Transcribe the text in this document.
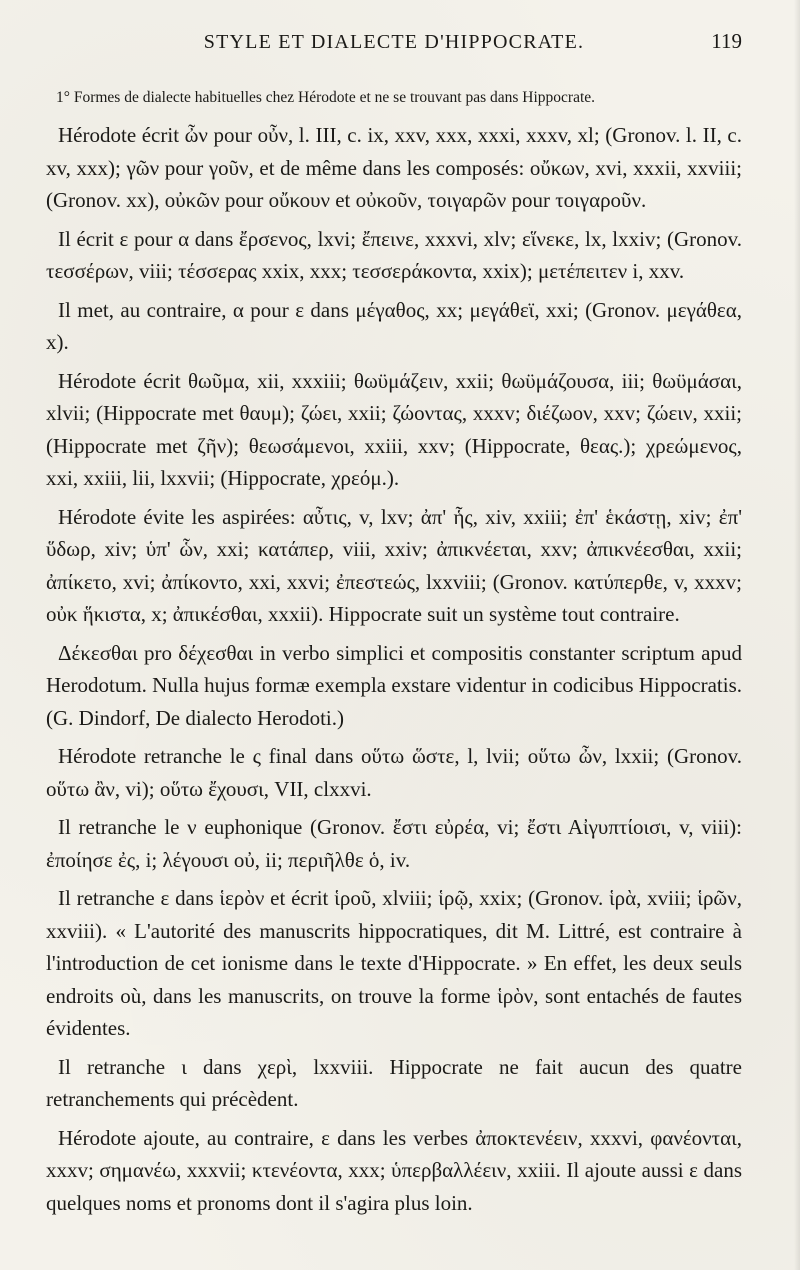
STYLE ET DIALECTE D'HIPPOCRATE.	119
1° Formes de dialecte habituelles chez Hérodote et ne se trouvant pas dans Hippocrate.

Hérodote écrit ὦν pour οὖν, l. III, c. ix, xxv, xxx, xxxi, xxxv, xl; (Gronov. l. II, c. xv, xxx); γῶν pour γοῦν, et de même dans les composés: οὔκων, xvi, xxxii, xxviii; (Gronov. xx), οὐκῶν pour οὔκουν et οὐκοῦν, τοιγαρῶν pour τοιγαροῦν.

Il écrit ε pour α dans ἔρσενος, lxvi; ἔπεινε, xxxvi, xlv; εἵνεκε, lx, lxxiv; (Gronov. τεσσέρων, viii; τέσσερας xxix, xxx; τεσσεράκοντα, xxix); μετέπειτεν i, xxv.

Il met, au contraire, α pour ε dans μέγαθος, xx; μεγάθεϊ, xxi; (Gronov. μεγάθεα, x).

Hérodote écrit θωῦμα, xii, xxxiii; θωϋμάζειν, xxii; θωϋμάζουσα, iii; θωϋμάσαι, xlvii; (Hippocrate met θαυμ); ζώει, xxii; ζώοντας, xxxv; διέζωον, xxv; ζώειν, xxii; (Hippocrate met ζῆν); θεωσάμενοι, xxiii, xxv; (Hippocrate, θεας.); χρεώμενος, xxi, xxiii, lii, lxxvii; (Hippocrate, χρεόμ.).

Hérodote évite les aspirées: αὖτις, v, lxv; ἀπ' ἧς, xiv, xxiii; ἐπ' ἑκάστῃ, xiv; ἐπ' ὕδωρ, xiv; ὑπ' ὧν, xxi; κατάπερ, viii, xxiv; ἀπικνέεται, xxv; ἀπικνέεσθαι, xxii; ἀπίκετο, xvi; ἀπίκοντο, xxi, xxvi; ἐπεστεώς, lxxviii; (Gronov. κατύπερθε, v, xxxv; οὐκ ἥκιστα, x; ἀπικέσθαι, xxxii). Hippocrate suit un système tout contraire.

Δέκεσθαι pro δέχεσθαι in verbo simplici et compositis constanter scriptum apud Herodotum. Nulla hujus formæ exempla exstare videntur in codicibus Hippocratis. (G. Dindorf, De dialecto Herodoti.)

Hérodote retranche le ς final dans οὕτω ὥστε, l, lvii; οὕτω ὦν, lxxii; (Gronov. οὕτω ἂν, vi); οὕτω ἔχουσι, VII, clxxvi.

Il retranche le ν euphonique (Gronov. ἔστι εὐρέα, vi; ἔστι Αἰγυπτίοισι, v, viii): ἐποίησε ἐς, i; λέγουσι οὐ, ii; περιῆλθε ὁ, iv.

Il retranche ε dans ἱερὸν et écrit ἱροῦ, xlviii; ἱρῷ, xxix; (Gronov. ἱρὰ, xviii; ἱρῶν, xxviii). « L'autorité des manuscrits hippocratiques, dit M. Littré, est contraire à l'introduction de cet ionisme dans le texte d'Hippocrate. » En effet, les deux seuls endroits où, dans les manuscrits, on trouve la forme ἱρὸν, sont entachés de fautes évidentes.

Il retranche ι dans χερὶ, lxxviii. Hippocrate ne fait aucun des quatre retranchements qui précèdent.

Hérodote ajoute, au contraire, ε dans les verbes ἀποκτενέειν, xxxvi, φανέονται, xxxv; σημανέω, xxxvii; κτενέοντα, xxx; ὑπερβαλλέειν, xxiii. Il ajoute aussi ε dans quelques noms et pronoms dont il s'agira plus loin.
